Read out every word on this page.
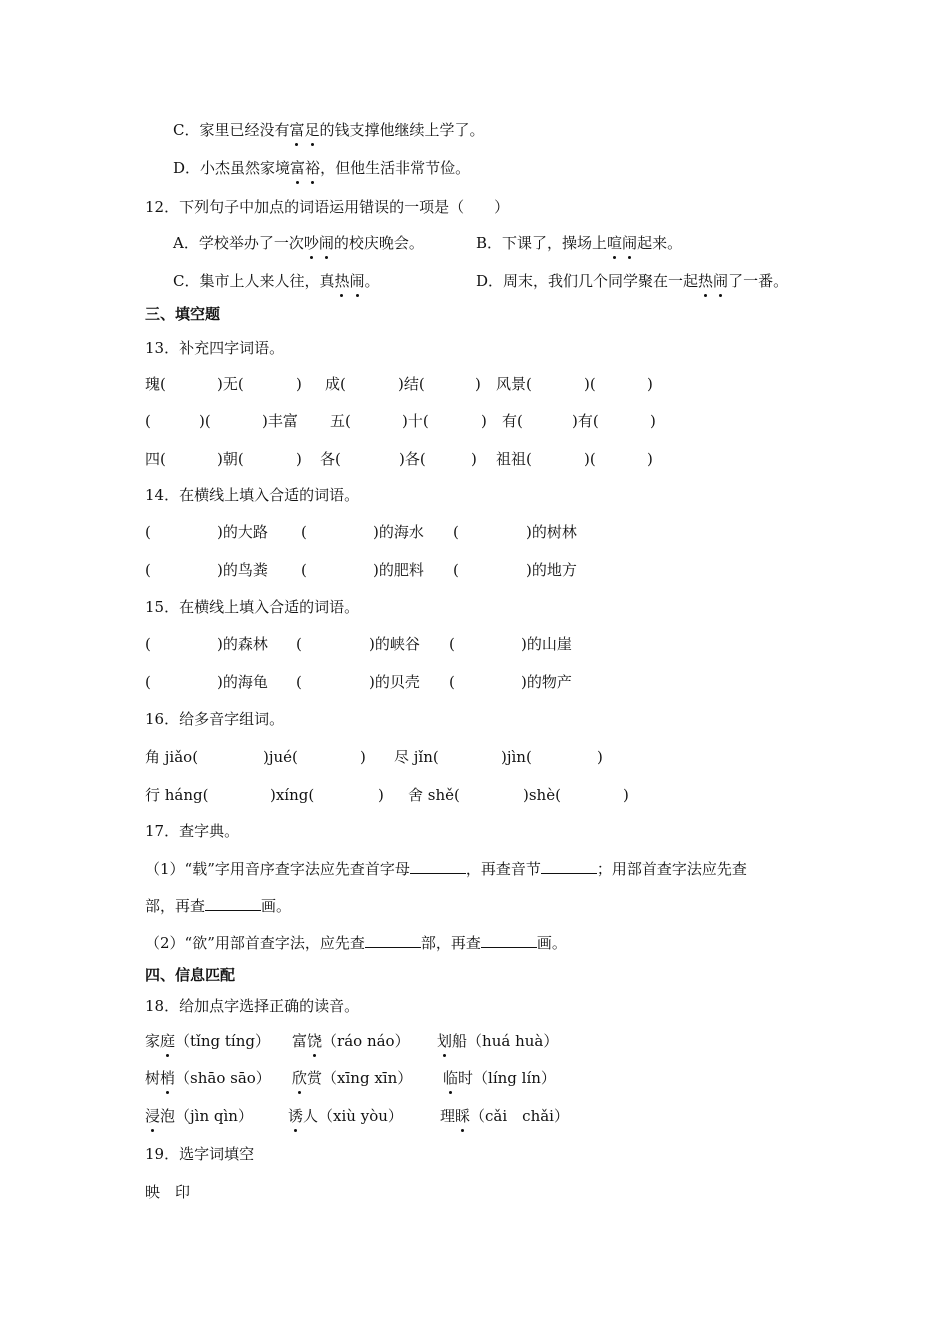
C．家里已经没有富足的钱支撑他继续上学了。
D．小杰虽然家境富裕，但他生活非常节俭。
12．下列句子中加点的词语运用错误的一项是（　　）
A．学校举办了一次吵闹的校庆晚会。	B．下课了，操场上喧闹起来。
C．集市上人来人往，真热闹。	D．周末，我们几个同学聚在一起热闹了一番。
三、填空题
13．补充四字词语。
瑰(	)无(	) 成(	)结(	) 风景(	)(	)
(	)(	)丰富 五(	)十(	) 有(	)有(	)
四(	)朝(	) 各(	)各(	) 祖祖(	)(	)
14．在横线上填入合适的词语。
(	)的大路 (	)的海水 (	)的树林
(	)的鸟粪 (	)的肥料 (	)的地方
15．在横线上填入合适的词语。
(	)的森林 (	)的峡谷 (	)的山崖
(	)的海龟 (	)的贝壳 (	)的物产
16．给多音字组词。
角 jiǎo(	)jué(	) 尽 jǐn(	)jìn(	)
行 háng(	)xíng(	) 舍 shě(	)shè(	)
17．查字典。
（1）“载”字用音序查字法应先查首字母	，再查音节	；用部首查字法应先查
部，再查	画。
（2）“欲”用部首查字法，应先查	部，再查	画。
四、信息匹配
18．给加点字选择正确的读音。
家庭（tǐng tíng） 富饶（ráo náo） 划船（huá huà）
树梢（shāo sāo） 欣赏（xīng xīn） 临时（líng lín）
浸泡（jìn qìn） 诱人（xiù yòu） 理睬（cǎi　chǎi）
19．选字词填空
映　印
